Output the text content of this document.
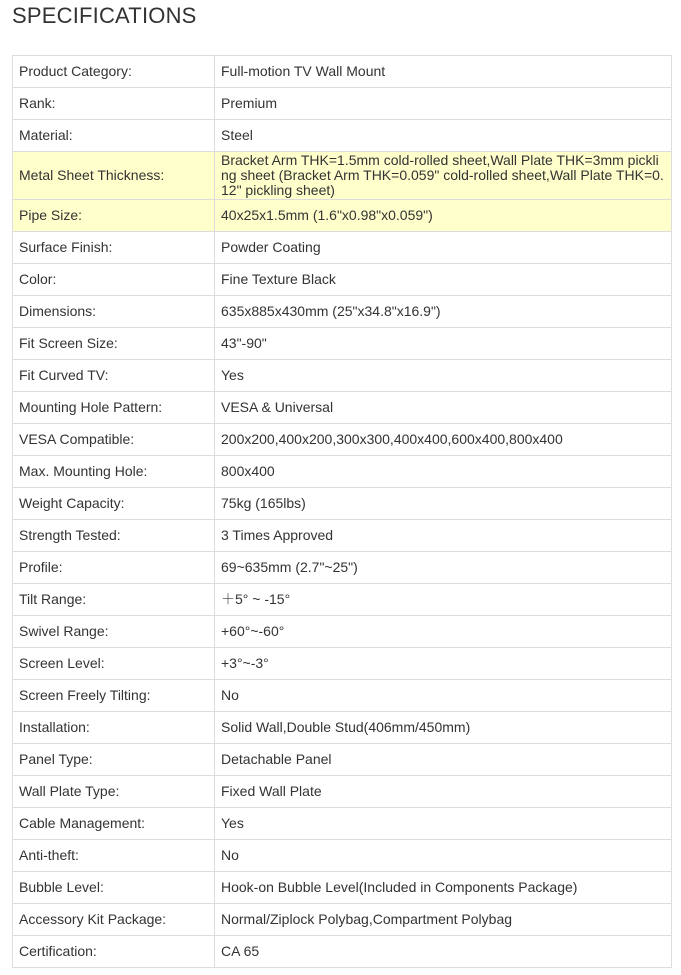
SPECIFICATIONS
Product Category:	Full-motion TV Wall Mount
Rank:	Premium
Material:	Steel
Metal Sheet Thickness:	Bracket Arm THK=1.5mm cold-rolled sheet,Wall Plate THK=3mm pickling sheet (Bracket Arm THK=0.059" cold-rolled sheet,Wall Plate THK=0.12" pickling sheet)
Pipe Size:	40x25x1.5mm (1.6"x0.98"x0.059")
Surface Finish:	Powder Coating
Color:	Fine Texture Black
Dimensions:	635x885x430mm (25"x34.8"x16.9")
Fit Screen Size:	43"-90"
Fit Curved TV:	Yes
Mounting Hole Pattern:	VESA & Universal
VESA Compatible:	200x200,400x200,300x300,400x400,600x400,800x400
Max. Mounting Hole:	800x400
Weight Capacity:	75kg (165lbs)
Strength Tested:	3 Times Approved
Profile:	69~635mm (2.7"~25")
Tilt Range:	＋5° ~ -15°
Swivel Range:	+60°~-60°
Screen Level:	+3°~-3°
Screen Freely Tilting:	No
Installation:	Solid Wall,Double Stud(406mm/450mm)
Panel Type:	Detachable Panel
Wall Plate Type:	Fixed Wall Plate
Cable Management:	Yes
Anti-theft:	No
Bubble Level:	Hook-on Bubble Level(Included in Components Package)
Accessory Kit Package:	Normal/Ziplock Polybag,Compartment Polybag
Certification:	CA 65
